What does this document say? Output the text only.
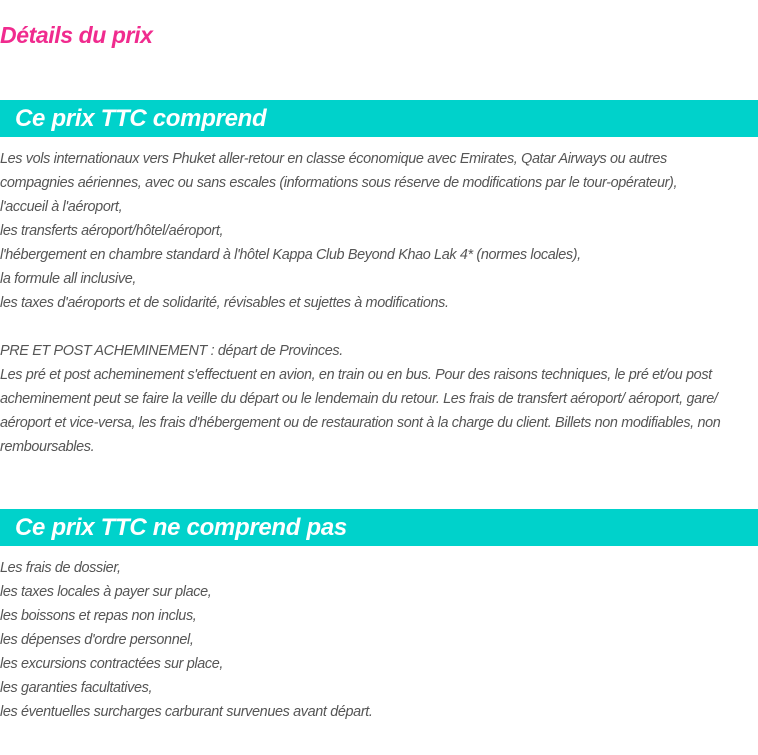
Détails du prix
Ce prix TTC comprend
Les vols internationaux vers Phuket aller-retour en classe économique avec Emirates, Qatar Airways ou autres
compagnies aériennes, avec ou sans escales (informations sous réserve de modifications par le tour-opérateur),
l'accueil à l'aéroport,
les transferts aéroport/hôtel/aéroport,
l'hébergement en chambre standard à l'hôtel Kappa Club Beyond Khao Lak 4* (normes locales),
la formule all inclusive,
les taxes d'aéroports et de solidarité, révisables et sujettes à modifications.
PRE ET POST ACHEMINEMENT : départ de Provinces.
Les pré et post acheminement s'effectuent en avion, en train ou en bus. Pour des raisons techniques, le pré et/ou post
acheminement peut se faire la veille du départ ou le lendemain du retour. Les frais de transfert aéroport/ aéroport, gare/
aéroport et vice-versa, les frais d'hébergement ou de restauration sont à la charge du client. Billets non modifiables, non
remboursables.
Ce prix TTC ne comprend pas
Les frais de dossier,
les taxes locales à payer sur place,
les boissons et repas non inclus,
les dépenses d'ordre personnel,
les excursions contractées sur place,
les garanties facultatives,
les éventuelles surcharges carburant survenues avant départ.
